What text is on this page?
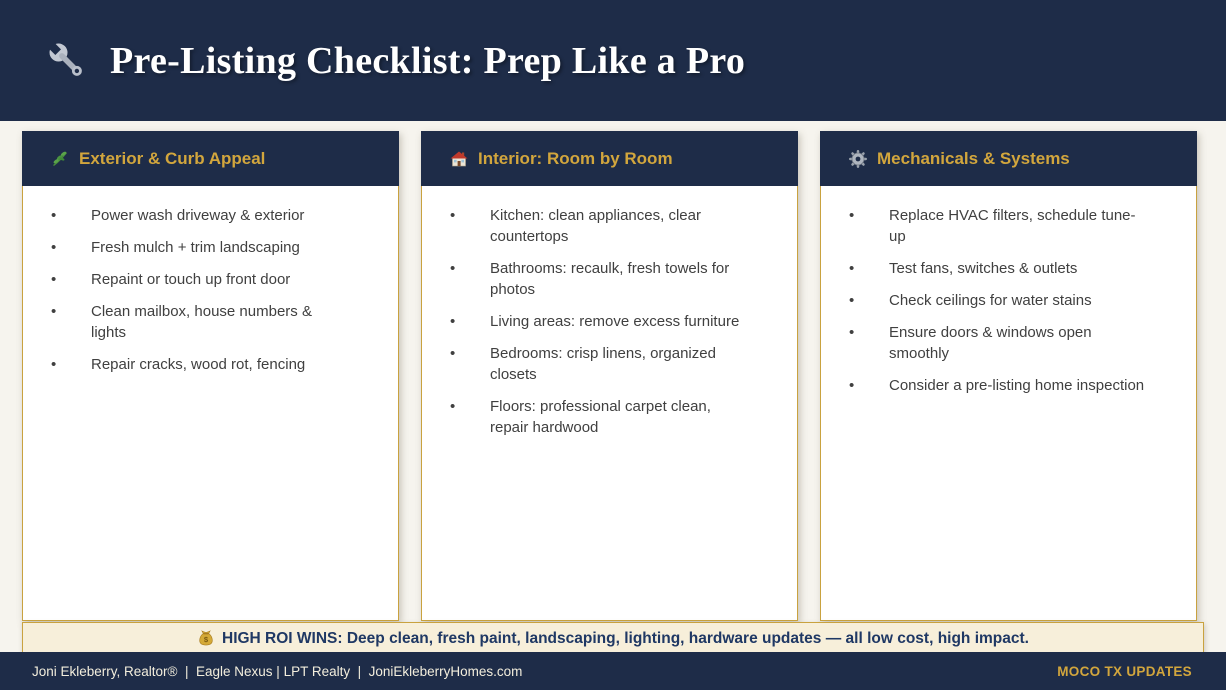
Pre-Listing Checklist: Prep Like a Pro
Exterior & Curb Appeal
• Power wash driveway & exterior
• Fresh mulch + trim landscaping
• Repaint or touch up front door
• Clean mailbox, house numbers & lights
• Repair cracks, wood rot, fencing
Interior: Room by Room
• Kitchen: clean appliances, clear countertops
• Bathrooms: recaulk, fresh towels for photos
• Living areas: remove excess furniture
• Bedrooms: crisp linens, organized closets
• Floors: professional carpet clean, repair hardwood
Mechanicals & Systems
• Replace HVAC filters, schedule tune-up
• Test fans, switches & outlets
• Check ceilings for water stains
• Ensure doors & windows open smoothly
• Consider a pre-listing home inspection
$ HIGH ROI WINS: Deep clean, fresh paint, landscaping, lighting, hardware updates — all low cost, high impact.
Joni Ekleberry, Realtor®  |  Eagle Nexus | LPT Realty  |  JoniEkleberryHomes.com	MOCO TX UPDATES
